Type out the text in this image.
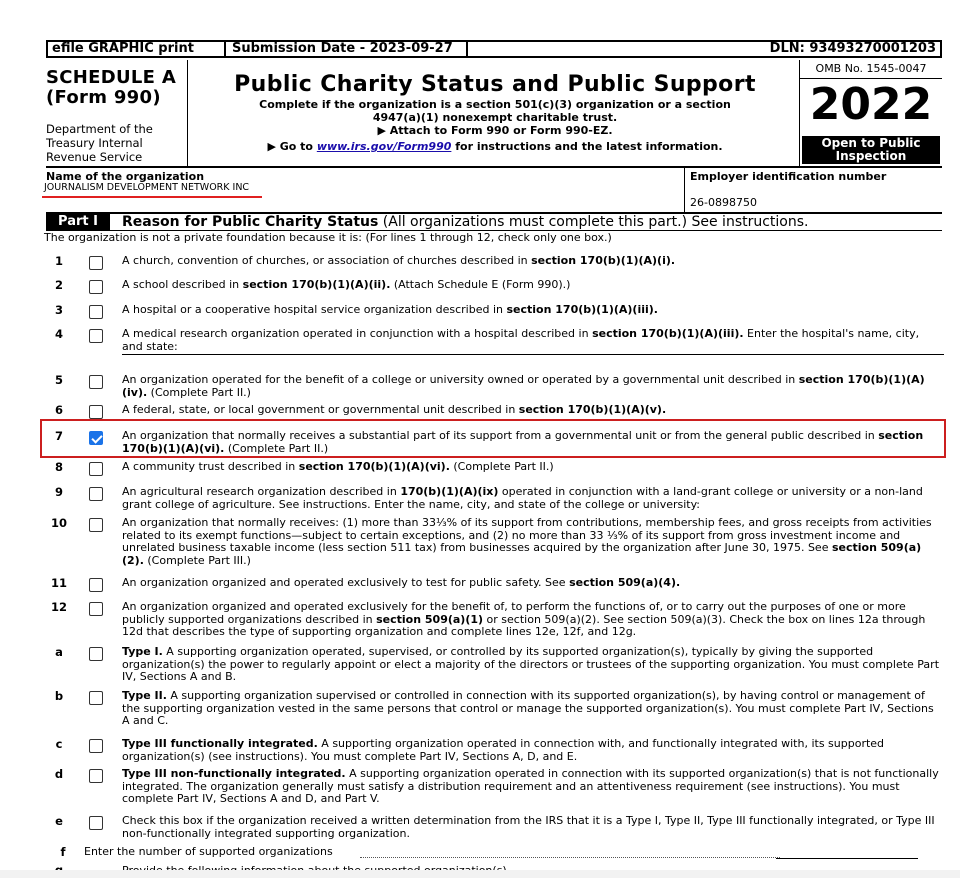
efile GRAPHIC print	Submission Date - 2023-09-27	DLN: 93493270001203
SCHEDULE A
(Form 990)
Department of the Treasury Internal Revenue Service
Public Charity Status and Public Support
Complete if the organization is a section 501(c)(3) organization or a section
4947(a)(1) nonexempt charitable trust.
▶ Attach to Form 990 or Form 990-EZ.
▶ Go to www.irs.gov/Form990 for instructions and the latest information.
OMB No. 1545-0047
2022
Open to Public Inspection
Name of the organization
JOURNALISM DEVELOPMENT NETWORK INC
Employer identification number
26-0898750
Part I	Reason for Public Charity Status (All organizations must complete this part.) See instructions.
The organization is not a private foundation because it is: (For lines 1 through 12, check only one box.)
1	A church, convention of churches, or association of churches described in section 170(b)(1)(A)(i).
2	A school described in section 170(b)(1)(A)(ii). (Attach Schedule E (Form 990).)
3	A hospital or a cooperative hospital service organization described in section 170(b)(1)(A)(iii).
4	A medical research organization operated in conjunction with a hospital described in section 170(b)(1)(A)(iii). Enter the hospital's name, city, and state:
5	An organization operated for the benefit of a college or university owned or operated by a governmental unit described in section 170(b)(1)(A)(iv). (Complete Part II.)
6	A federal, state, or local government or governmental unit described in section 170(b)(1)(A)(v).
7	An organization that normally receives a substantial part of its support from a governmental unit or from the general public described in section 170(b)(1)(A)(vi). (Complete Part II.)
8	A community trust described in section 170(b)(1)(A)(vi). (Complete Part II.)
9	An agricultural research organization described in 170(b)(1)(A)(ix) operated in conjunction with a land-grant college or university or a non-land grant college of agriculture. See instructions. Enter the name, city, and state of the college or university:
10	An organization that normally receives: (1) more than 33⅓% of its support from contributions, membership fees, and gross receipts from activities related to its exempt functions—subject to certain exceptions, and (2) no more than 33 ⅓% of its support from gross investment income and unrelated business taxable income (less section 511 tax) from businesses acquired by the organization after June 30, 1975. See section 509(a)(2). (Complete Part III.)
11	An organization organized and operated exclusively to test for public safety. See section 509(a)(4).
12	An organization organized and operated exclusively for the benefit of, to perform the functions of, or to carry out the purposes of one or more publicly supported organizations described in section 509(a)(1) or section 509(a)(2). See section 509(a)(3). Check the box on lines 12a through 12d that describes the type of supporting organization and complete lines 12e, 12f, and 12g.
a	Type I. A supporting organization operated, supervised, or controlled by its supported organization(s), typically by giving the supported organization(s) the power to regularly appoint or elect a majority of the directors or trustees of the supporting organization. You must complete Part IV, Sections A and B.
b	Type II. A supporting organization supervised or controlled in connection with its supported organization(s), by having control or management of the supporting organization vested in the same persons that control or manage the supported organization(s). You must complete Part IV, Sections A and C.
c	Type III functionally integrated. A supporting organization operated in connection with, and functionally integrated with, its supported organization(s) (see instructions). You must complete Part IV, Sections A, D, and E.
d	Type III non-functionally integrated. A supporting organization operated in connection with its supported organization(s) that is not functionally integrated. The organization generally must satisfy a distribution requirement and an attentiveness requirement (see instructions). You must complete Part IV, Sections A and D, and Part V.
e	Check this box if the organization received a written determination from the IRS that it is a Type I, Type II, Type III functionally integrated, or Type III non-functionally integrated supporting organization.
f	Enter the number of supported organizations
